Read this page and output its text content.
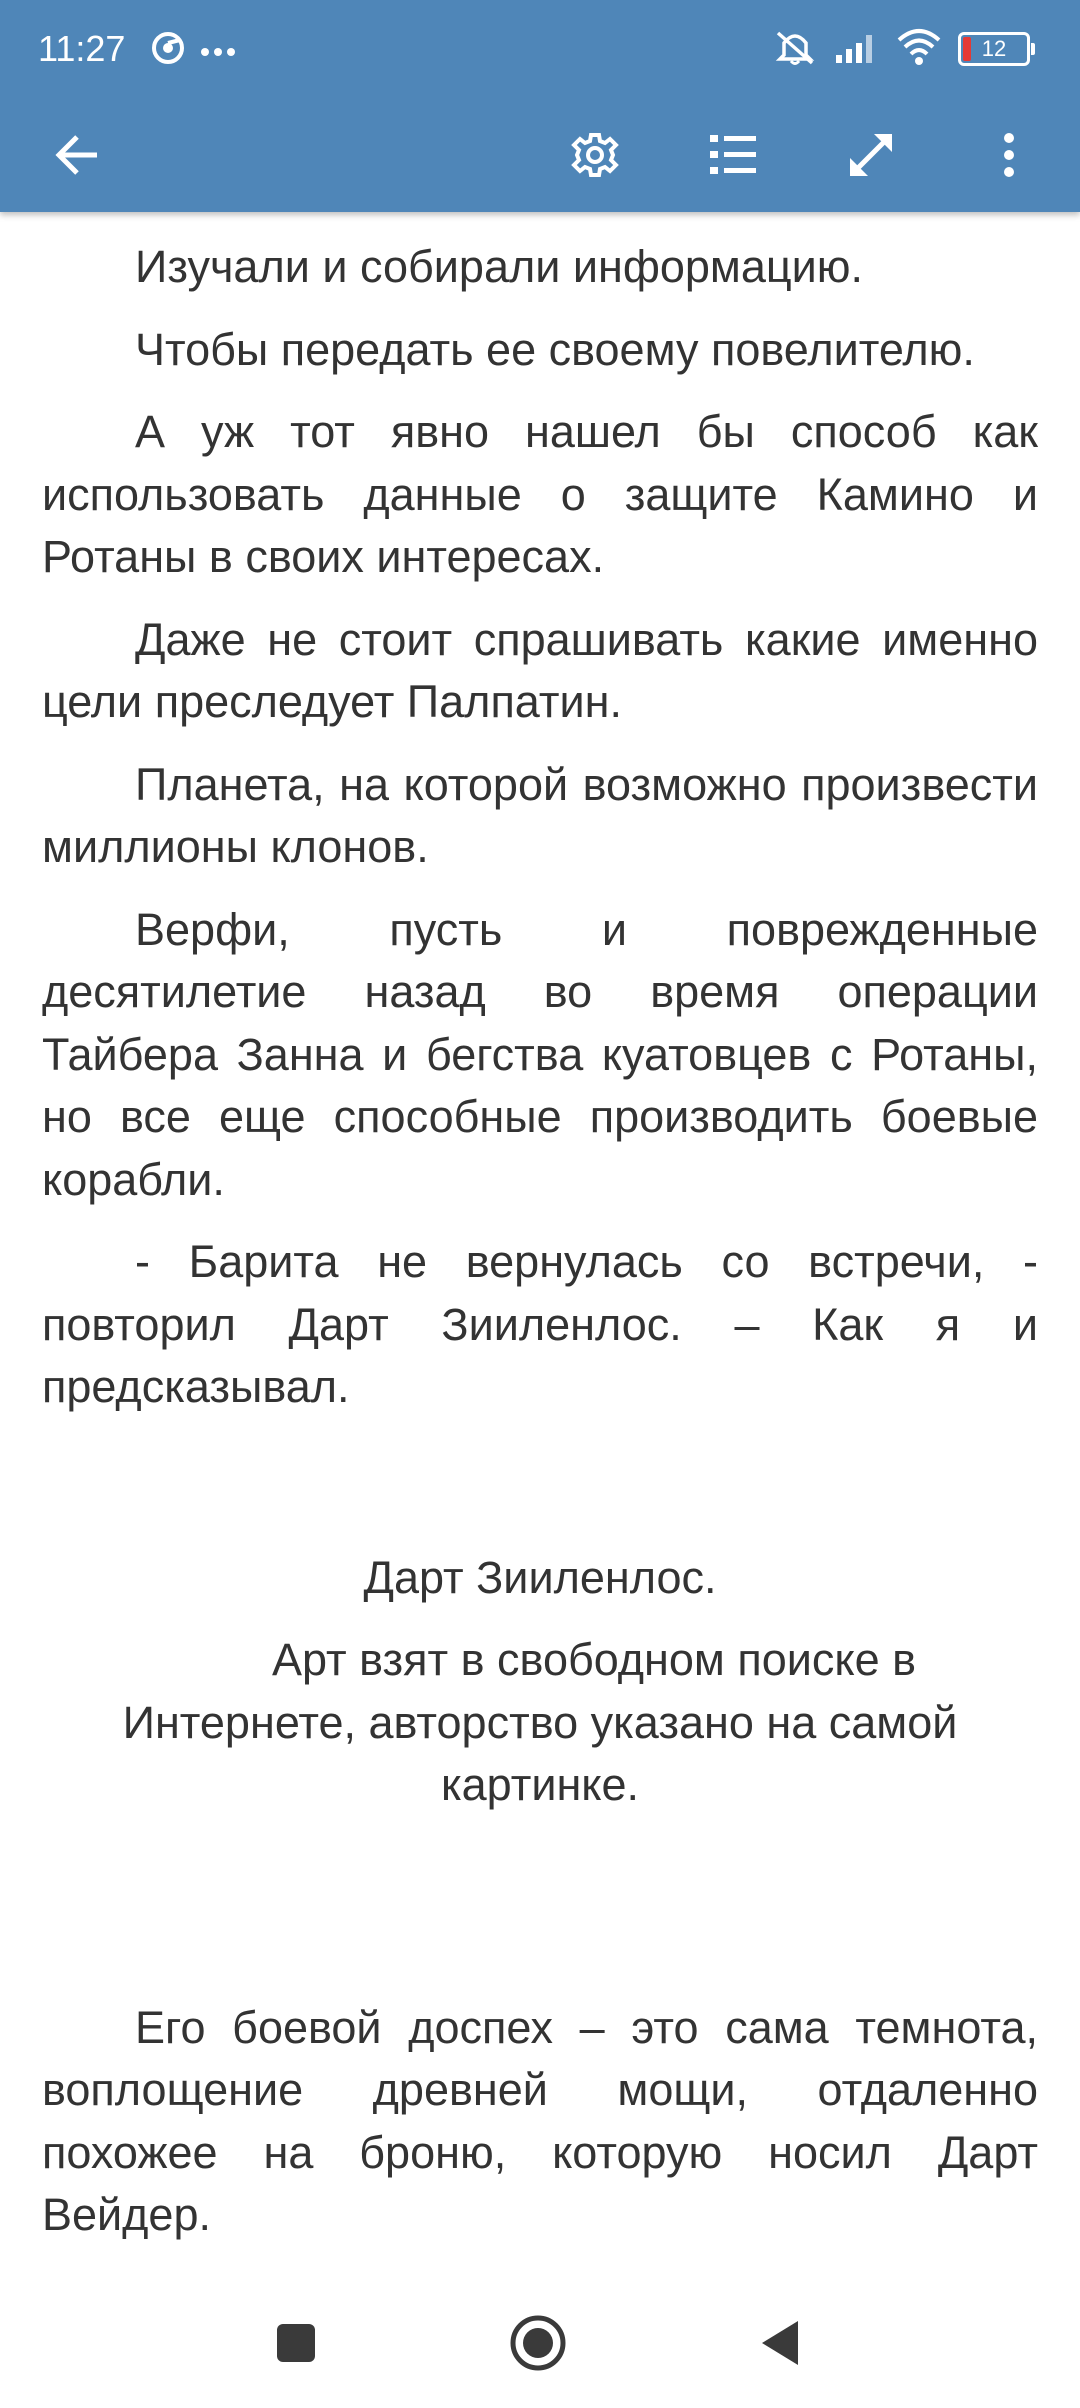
11:27	12

Изучали и собирали информацию.

Чтобы передать ее своему повелителю.

А уж тот явно нашел бы способ как использовать данные о защите Камино и Ротаны в своих интересах.

Даже не стоит спрашивать какие именно цели преследует Палпатин.

Планета, на которой возможно произвести миллионы клонов.

Верфи, пусть и поврежденные десятилетие назад во время операции Тайбера Занна и бегства куатовцев с Ротаны, но все еще способные производить боевые корабли.

- Барита не вернулась со встречи, - повторил Дарт Зииленлос. – Как я и предсказывал.

Дарт Зииленлос.

Арт взят в свободном поиске в Интернете, авторство указано на самой картинке.

Его боевой доспех – это сама темнота, воплощение древней мощи, отдаленно похожее на броню, которую носил Дарт Вейдер.
